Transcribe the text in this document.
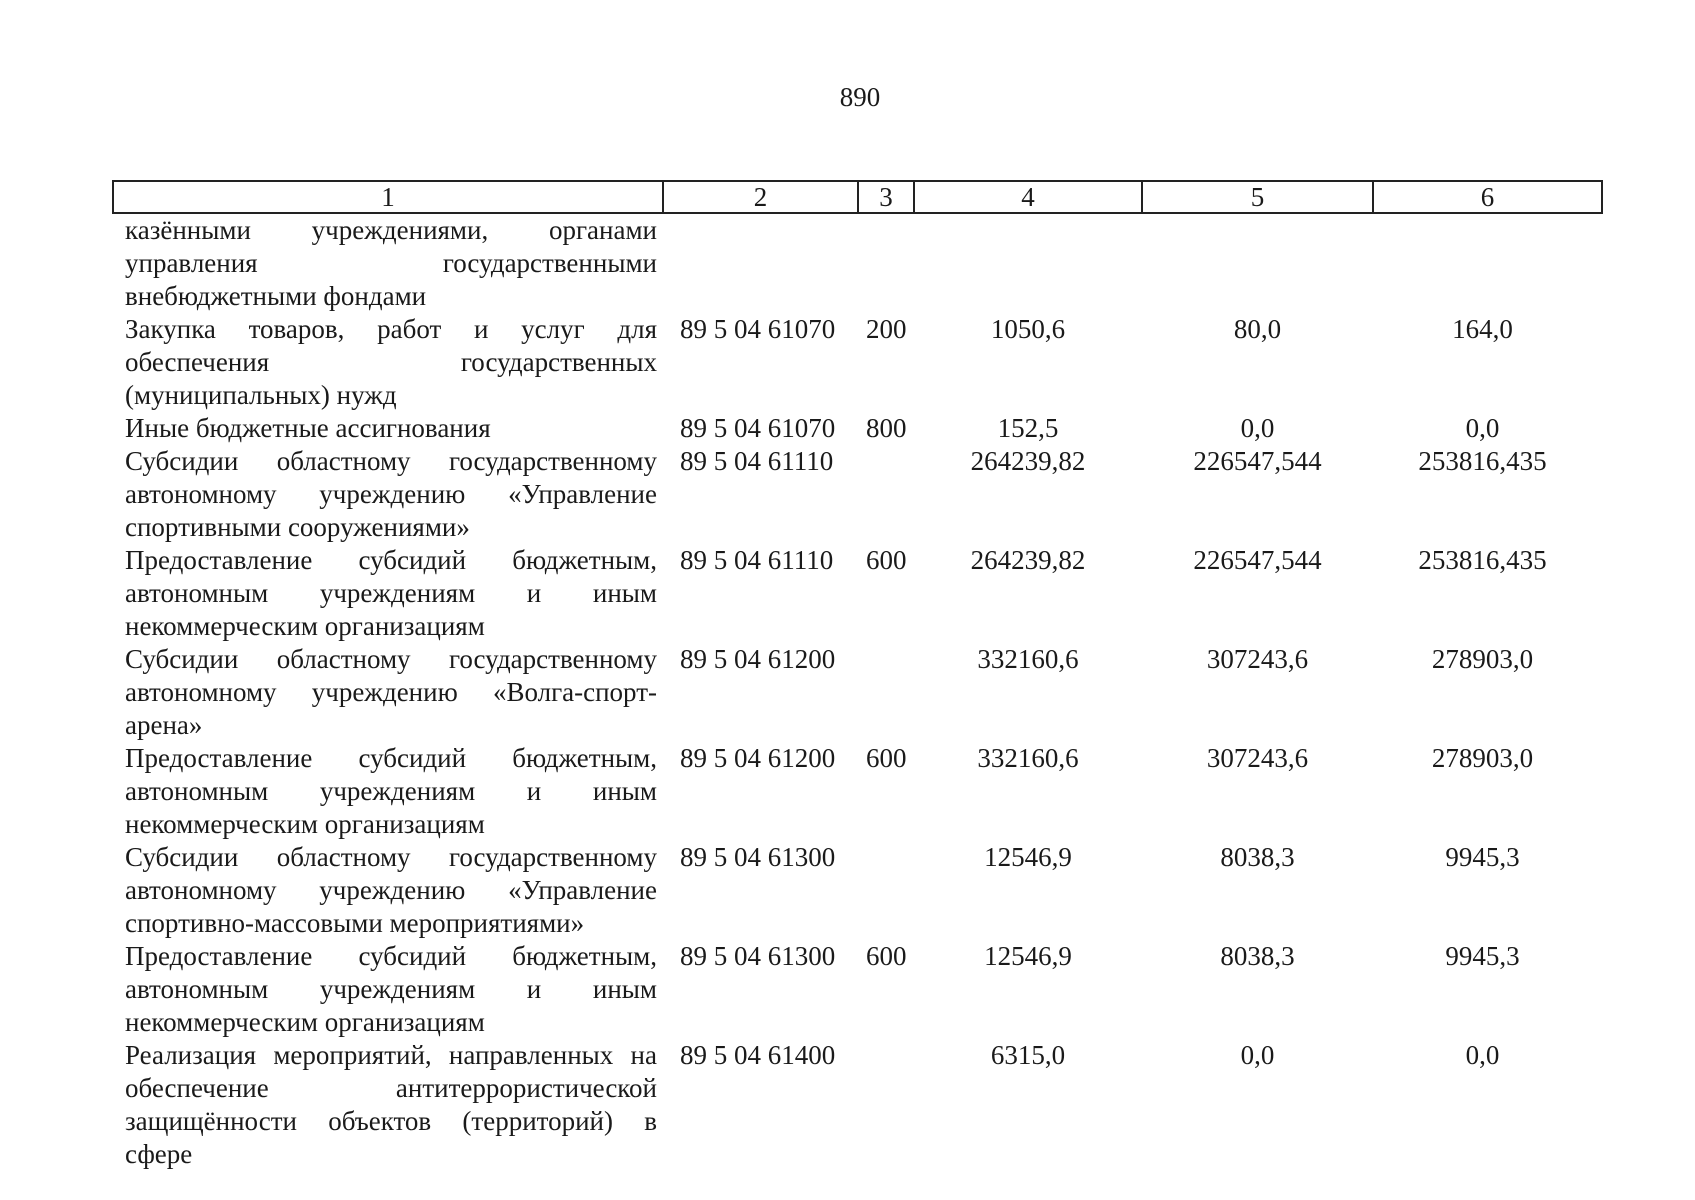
890
1	2	3	4	5	6
казёнными учреждениями, органами управления государственными внебюджетными фондами					
Закупка товаров, работ и услуг для обеспечения государственных (муниципальных) нужд	89 5 04 61070	200	1050,6	80,0	164,0
Иные бюджетные ассигнования	89 5 04 61070	800	152,5	0,0	0,0
Субсидии областному государственному автономному учреждению «Управление спортивными сооружениями»	89 5 04 61110		264239,82	226547,544	253816,435
Предоставление субсидий бюджетным, автономным учреждениям и иным некоммерческим организациям	89 5 04 61110	600	264239,82	226547,544	253816,435
Субсидии областному государственному автономному учреждению «Волга-спорт-арена»	89 5 04 61200		332160,6	307243,6	278903,0
Предоставление субсидий бюджетным, автономным учреждениям и иным некоммерческим организациям	89 5 04 61200	600	332160,6	307243,6	278903,0
Субсидии областному государственному автономному учреждению «Управление спортивно-массовыми мероприятиями»	89 5 04 61300		12546,9	8038,3	9945,3
Предоставление субсидий бюджетным, автономным учреждениям и иным некоммерческим организациям	89 5 04 61300	600	12546,9	8038,3	9945,3
Реализация мероприятий, направленных на обеспечение антитеррористической защищённости объектов (территорий) в сфере	89 5 04 61400		6315,0	0,0	0,0
